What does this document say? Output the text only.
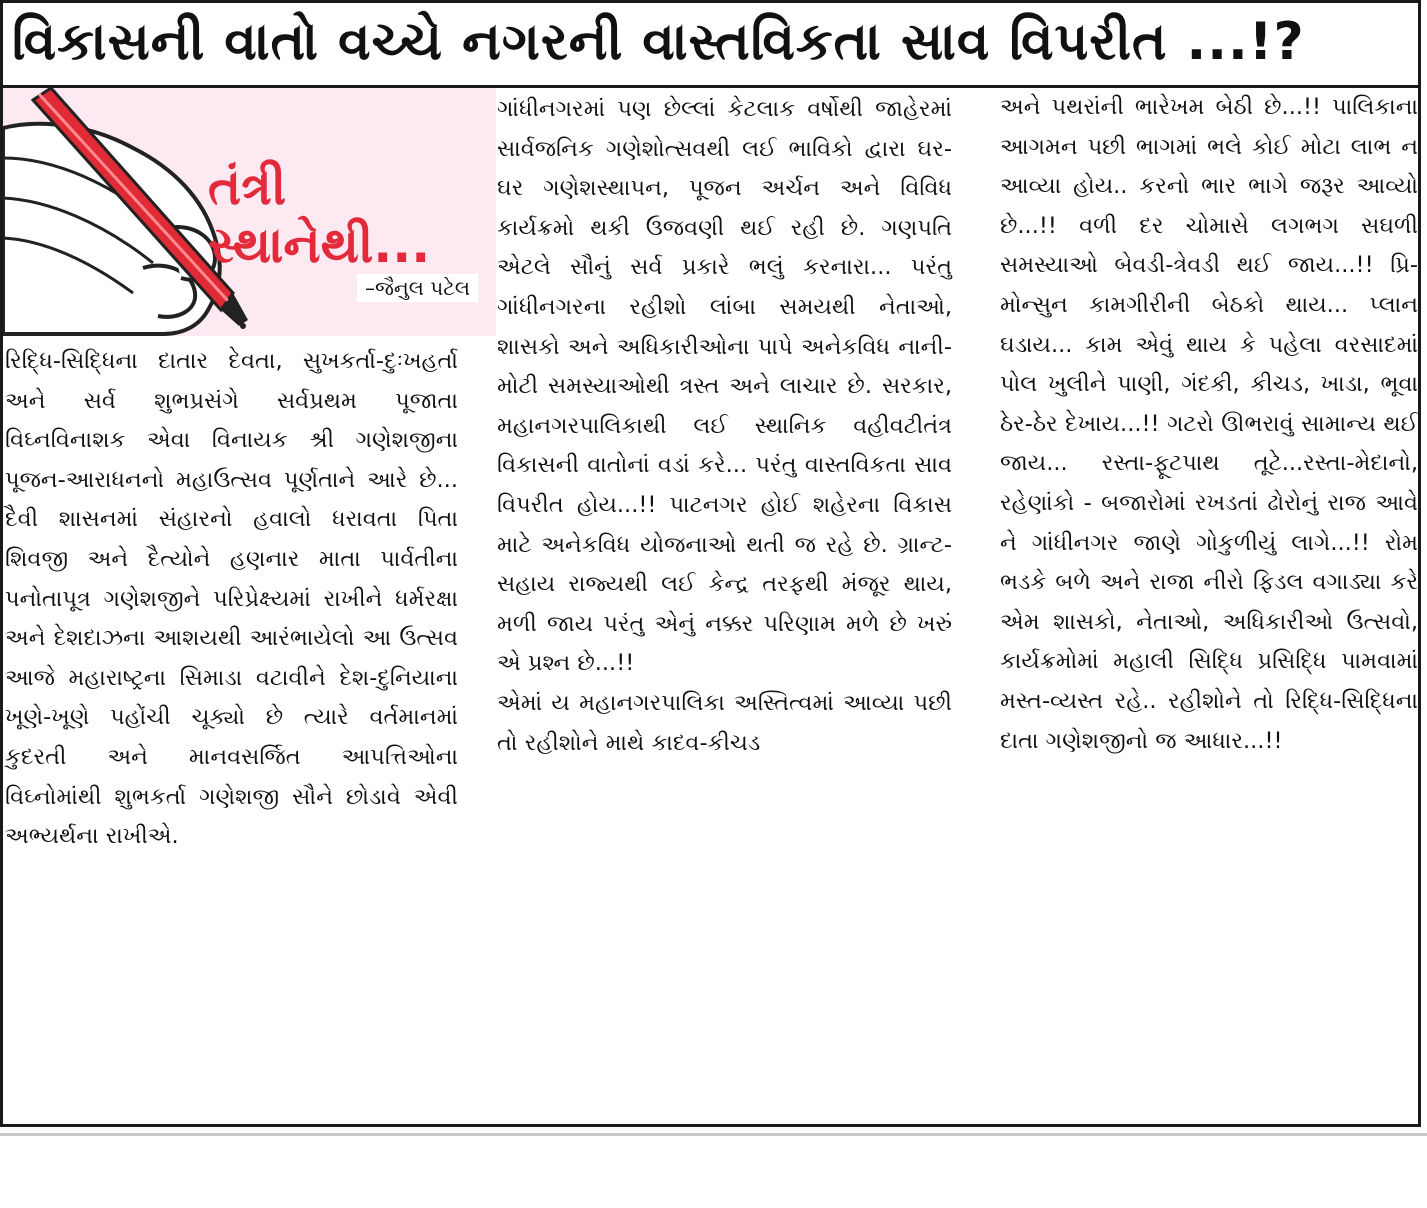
વિકાસની વાતો વચ્ચે નગરની વાસ્તવિકતા સાવ વિપરીત ...!?
તંત્રી
સ્થાનેથી...
–જૈનુલ પટેલ

રિદ્ધિ-સિદ્ધિના દાતાર દેવતા, સુખકર્તા-દુઃખહર્તા અને સર્વ શુભપ્રસંગે સર્વપ્રથમ પૂજાતા વિઘ્નવિનાશક એવા વિનાયક શ્રી ગણેશજીના પૂજન-આરાધનનો મહાઉત્સવ પૂર્ણતાને આરે છે... દૈવી શાસનમાં સંહારનો હવાલો ધરાવતા પિતા શિવજી અને દૈત્યોને હણનાર માતા પાર્વતીના પનોતાપૂત્ર ગણેશજીને પરિપ્રેક્ષ્યમાં રાખીને ધર્મરક્ષા અને દેશદાઝના આશયથી આરંભાયેલો આ ઉત્સવ આજે મહારાષ્ટ્રના સિમાડા વટાવીને દેશ-દુનિયાના ખૂણે-ખૂણે પહોંચી ચૂક્યો છે ત્યારે વર્તમાનમાં કુદરતી અને માનવસર્જિત આપત્તિઓના વિઘ્નોમાંથી શુભકર્તા ગણેશજી સૌને છોડાવે એવી અભ્યર્થના રાખીએ.

ગાંધીનગરમાં પણ છેલ્લાં કેટલાક વર્ષોથી જાહેરમાં સાર્વજનિક ગણેશોત્સવથી લઈ ભાવિકો દ્વારા ઘર-ઘર ગણેશસ્થાપન, પૂજન અર્ચન અને વિવિધ કાર્યક્રમો થકી ઉજવણી થઈ રહી છે. ગણપતિ એટલે સૌનું સર્વ પ્રકારે ભલું કરનારા... પરંતુ ગાંધીનગરના રહીશો લાંબા સમયથી નેતાઓ, શાસકો અને અધિકારીઓના પાપે અનેકવિધ નાની-મોટી સમસ્યાઓથી ત્રસ્ત અને લાચાર છે. સરકાર, મહાનગરપાલિકાથી લઈ સ્થાનિક વહીવટીતંત્ર વિકાસની વાતોનાં વડાં કરે... પરંતુ વાસ્તવિકતા સાવ વિપરીત હોય...!! પાટનગર હોઈ શહેરના વિકાસ માટે અનેકવિધ યોજનાઓ થતી જ રહે છે. ગ્રાન્ટ-સહાય રાજ્યથી લઈ કેન્દ્ર તરફથી મંજૂર થાય, મળી જાય પરંતુ એનું નક્કર પરિણામ મળે છે ખરું એ પ્રશ્ન છે...!!

એમાં ય મહાનગરપાલિકા અસ્તિત્વમાં આવ્યા પછી તો રહીશોને માથે કાદવ-કીચડ

અને પથરાંની ભારેખમ બેઠી છે...!! પાલિકાના આગમન પછી ભાગમાં ભલે કોઈ મોટા લાભ ન આવ્યા હોય.. કરનો ભાર ભાગે જરૂર આવ્યો છે...!! વળી દર ચોમાસે લગભગ સઘળી સમસ્યાઓ બેવડી-ત્રેવડી થઈ જાય...!! પ્રિ-મોન્સુન કામગીરીની બેઠકો થાય... પ્લાન ઘડાય... કામ એવું થાય કે પહેલા વરસાદમાં પોલ ખુલીને પાણી, ગંદકી, કીચડ, ખાડા, ભૂવા ઠેર-ઠેર દેખાય...!! ગટરો ઊભરાવું સામાન્ય થઈ જાય... રસ્તા-ફૂટપાથ તૂટે...રસ્તા-મેદાનો, રહેણાંકો - બજારોમાં રખડતાં ઢોરોનું રાજ આવે ને ગાંધીનગર જાણે ગોકુળીયું લાગે...!! રોમ ભડકે બળે અને રાજા નીરો ફિડલ વગાડ્યા કરે એમ શાસકો, નેતાઓ, અધિકારીઓ ઉત્સવો, કાર્યક્રમોમાં મહાલી સિદ્ધિ પ્રસિદ્ધિ પામવામાં મસ્ત-વ્યસ્ત રહે.. રહીશોને તો રિદ્ધિ-સિદ્ધિના દાતા ગણેશજીનો જ આધાર...!!
